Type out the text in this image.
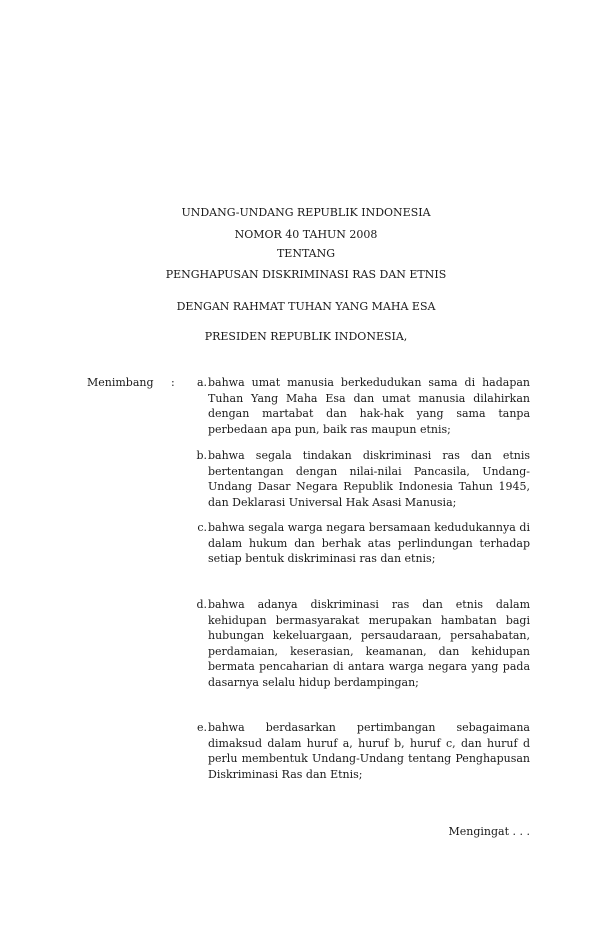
UNDANG-UNDANG REPUBLIK INDONESIA
NOMOR 40 TAHUN 2008
TENTANG
PENGHAPUSAN DISKRIMINASI RAS DAN ETNIS
DENGAN RAHMAT TUHAN YANG MAHA ESA
PRESIDEN REPUBLIK INDONESIA,
Menimbang :	a. bahwa umat manusia berkedudukan sama di hadapan Tuhan Yang Maha Esa dan umat manusia dilahirkan dengan martabat dan hak-hak yang sama tanpa perbedaan apa pun, baik ras maupun etnis;
b. bahwa segala tindakan diskriminasi ras dan etnis bertentangan dengan nilai-nilai Pancasila, Undang-Undang Dasar Negara Republik Indonesia Tahun 1945, dan Deklarasi Universal Hak Asasi Manusia;
c. bahwa segala warga negara bersamaan kedudukannya di dalam hukum dan berhak atas perlindungan terhadap setiap bentuk diskriminasi ras dan etnis;
d. bahwa adanya diskriminasi ras dan etnis dalam kehidupan bermasyarakat merupakan hambatan bagi hubungan kekeluargaan, persaudaraan, persahabatan, perdamaian, keserasian, keamanan, dan kehidupan bermata pencaharian di antara warga negara yang pada dasarnya selalu hidup berdampingan;
e. bahwa berdasarkan pertimbangan sebagaimana dimaksud dalam huruf a, huruf b, huruf c, dan huruf d perlu membentuk Undang-Undang tentang Penghapusan Diskriminasi Ras dan Etnis;
Mengingat . . .
